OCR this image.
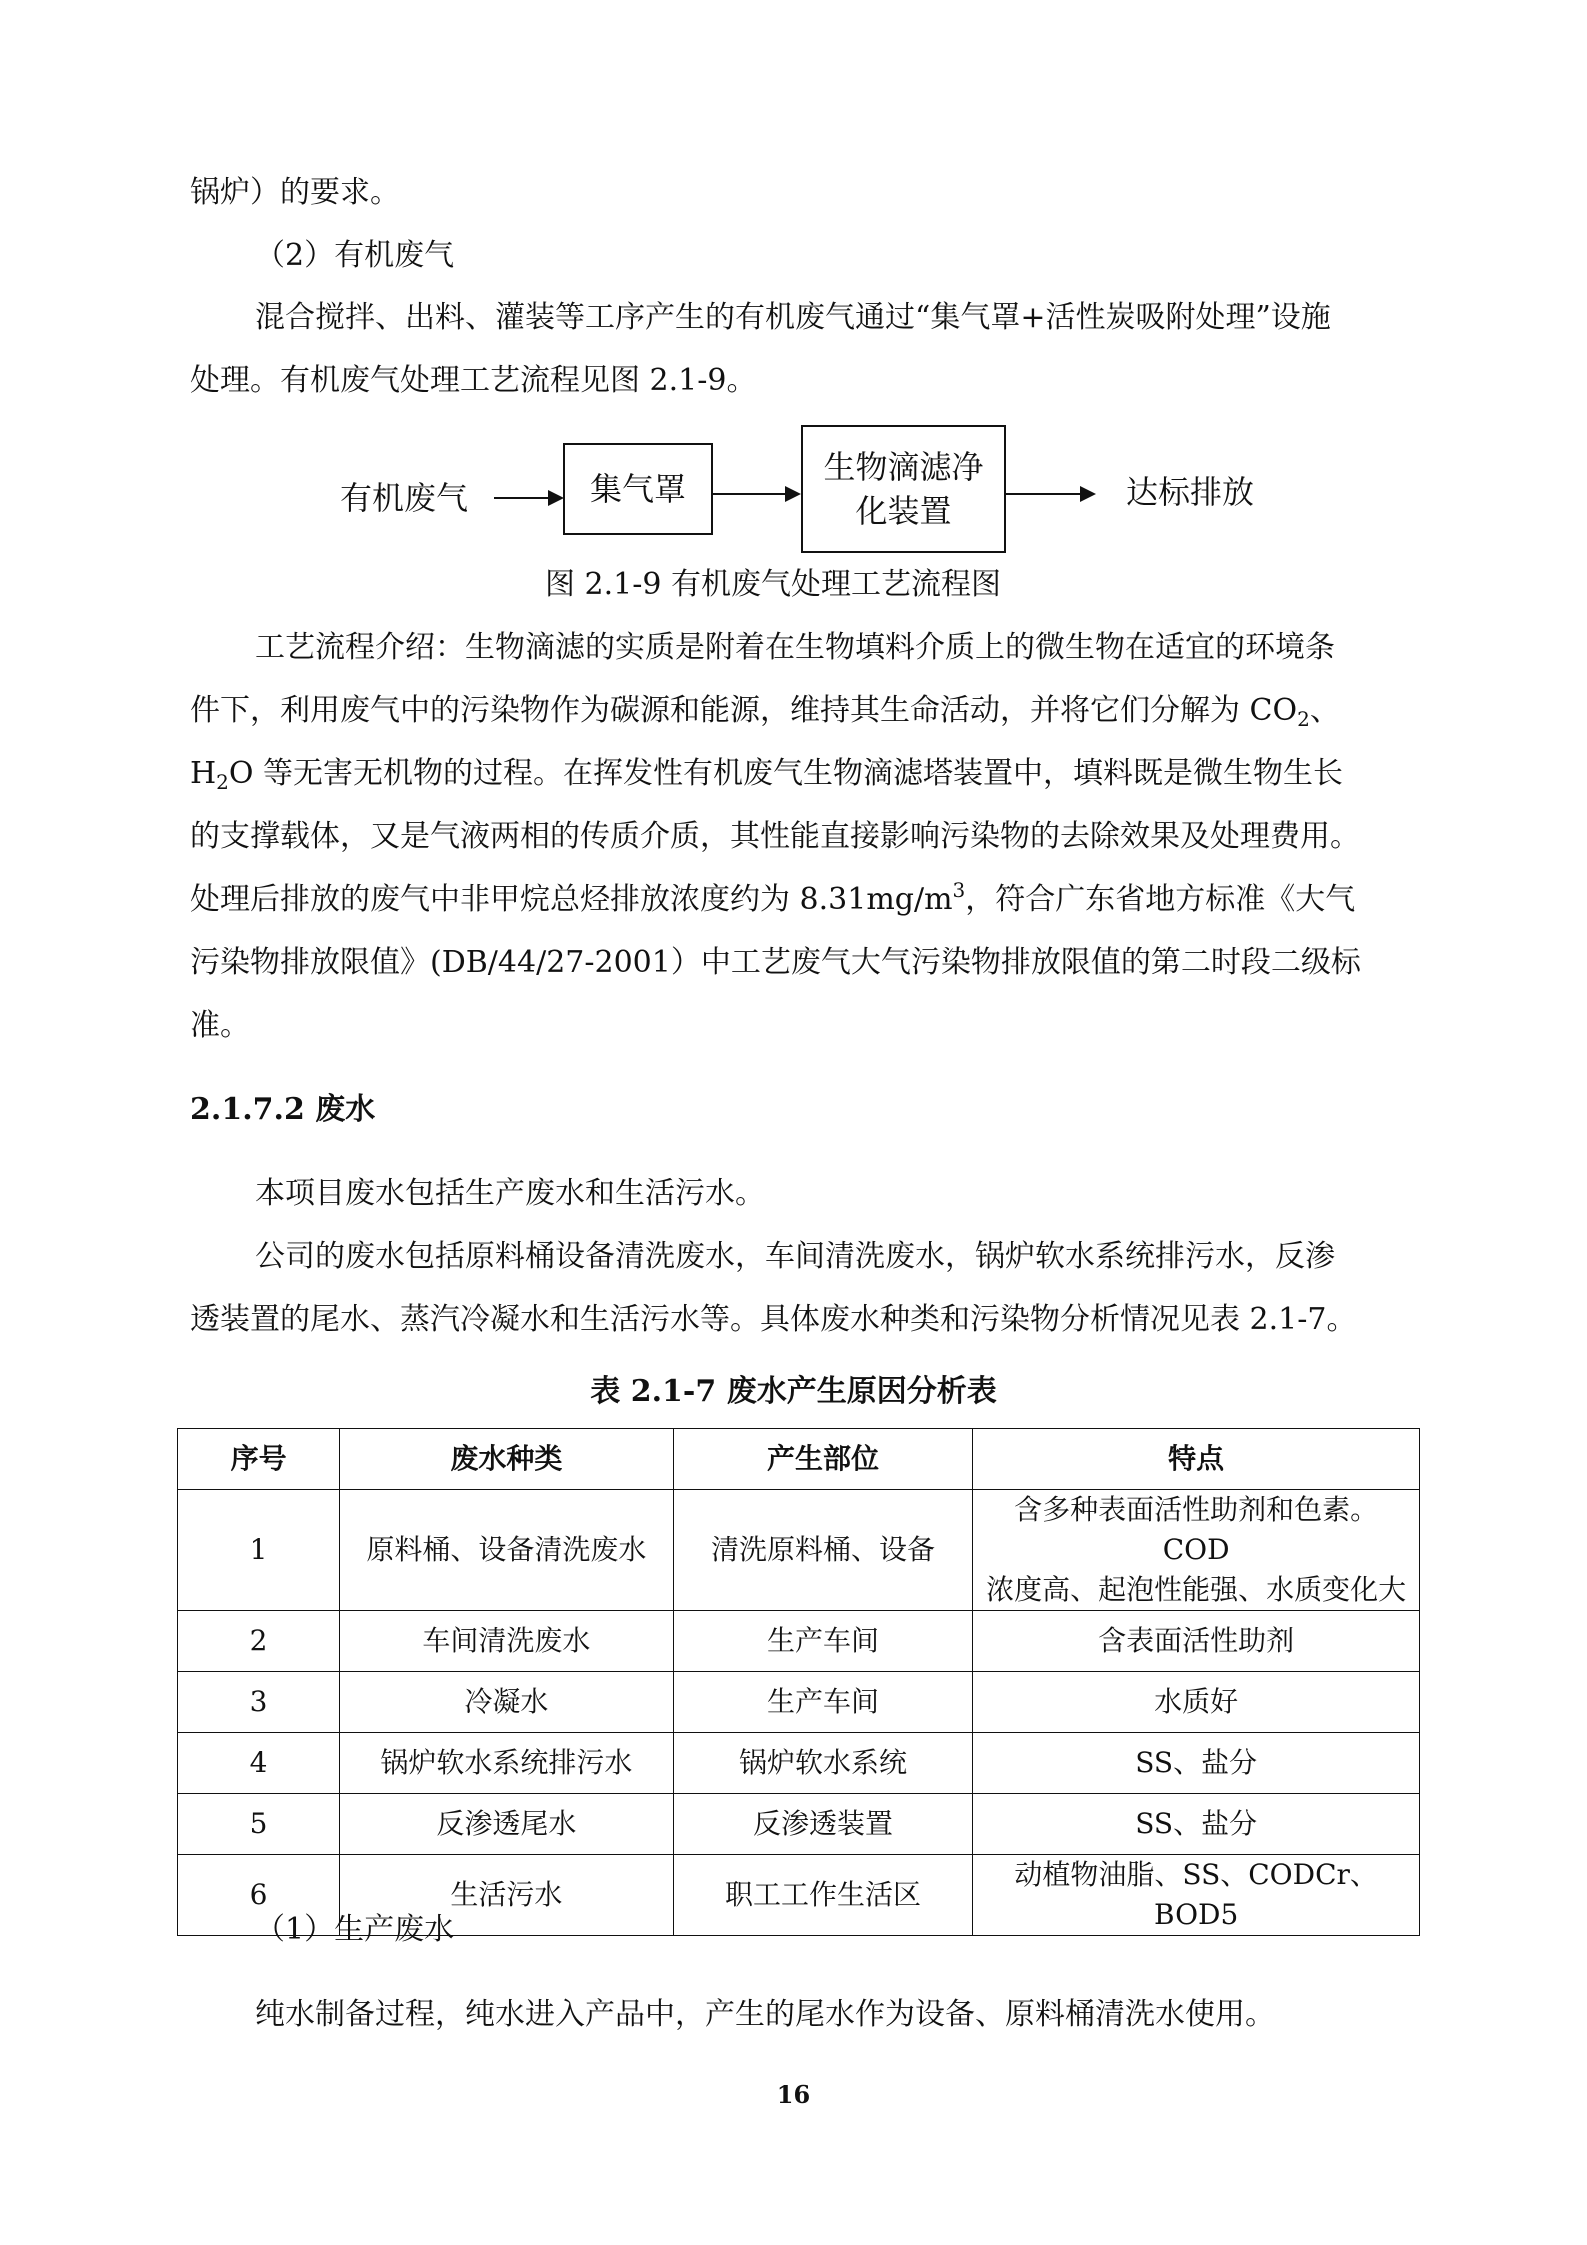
锅炉）的要求。
（2）有机废气
混合搅拌、出料、灌装等工序产生的有机废气通过“集气罩+活性炭吸附处理”设施
处理。有机废气处理工艺流程见图 2.1-9。
有机废气	集气罩
生物滴滤净
化装置	达标排放
图 2.1-9 有机废气处理工艺流程图
工艺流程介绍：生物滴滤的实质是附着在生物填料介质上的微生物在适宜的环境条
件下，利用废气中的污染物作为碳源和能源，维持其生命活动，并将它们分解为 $CO_2$、
$H_2O$ 等无害无机物的过程。在挥发性有机废气生物滴滤塔装置中，填料既是微生物生长
的支撑载体，又是气液两相的传质介质，其性能直接影响污染物的去除效果及处理费用。
处理后排放的废气中非甲烷总烃排放浓度约为 $8.31mg/m^3$，符合广东省地方标准《大气
污染物排放限值》(DB/44/27-2001）中工艺废气大气污染物排放限值的第二时段二级标
准。
2.1.7.2 废水
本项目废水包括生产废水和生活污水。
公司的废水包括原料桶设备清洗废水，车间清洗废水，锅炉软水系统排污水，反渗
透装置的尾水、蒸汽冷凝水和生活污水等。具体废水种类和污染物分析情况见表 2.1-7。
表 2.1-7 废水产生原因分析表
序号	废水种类	产生部位	特点
1	原料桶、设备清洗废水	清洗原料桶、设备	含多种表面活性助剂和色素。COD
浓度高、起泡性能强、水质变化大

2	车间清洗废水	生产车间	含表面活性助剂
3	冷凝水	生产车间	水质好
4	锅炉软水系统排污水	锅炉软水系统	SS、盐分
5	反渗透尾水	反渗透装置	SS、盐分
6	生活污水	职工工作生活区	动植物油脂、SS、CODCr、BOD5
（1）生产废水
纯水制备过程，纯水进入产品中，产生的尾水作为设备、原料桶清洗水使用。
16
